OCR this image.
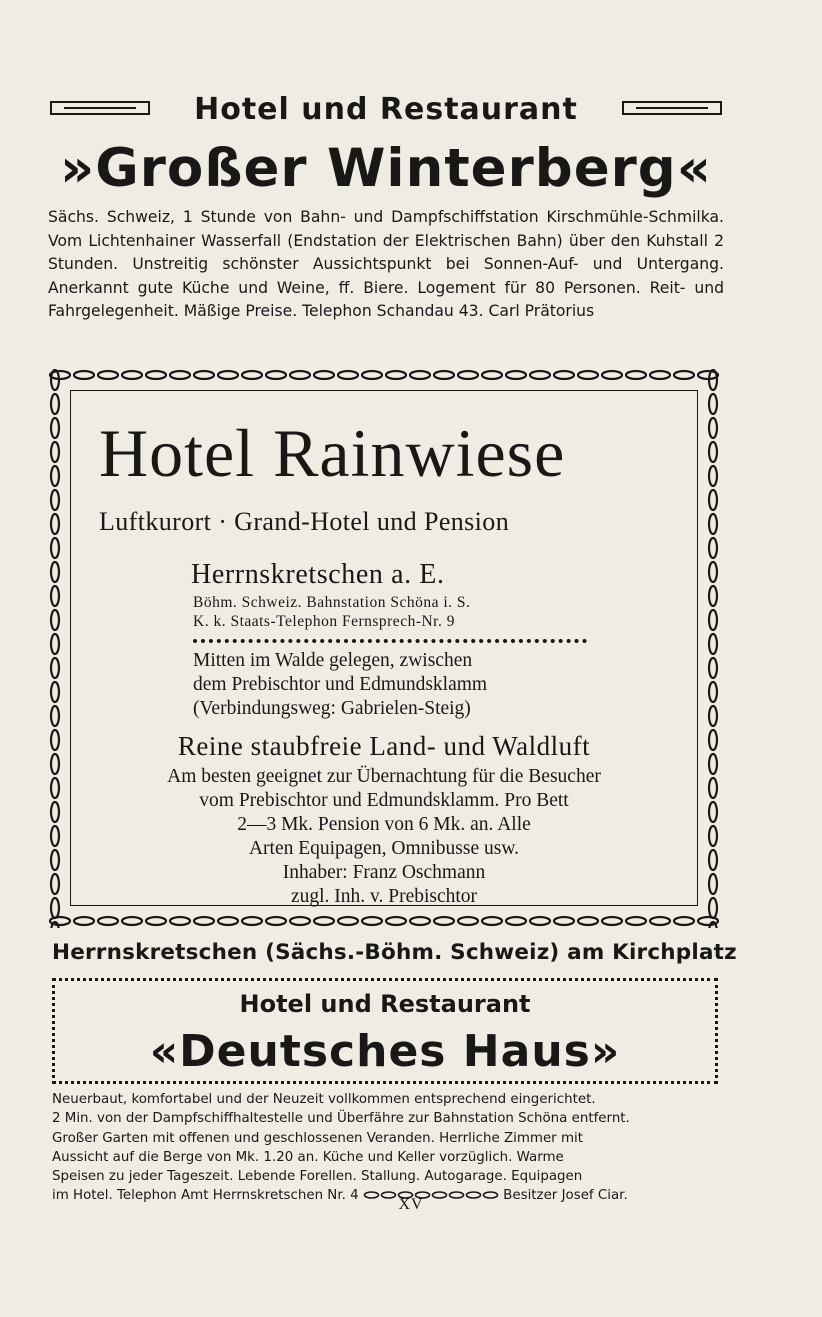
Hotel und Restaurant
»Großer Winterberg«
Sächs. Schweiz, 1 Stunde von Bahn- und Dampfschiffstation Kirschmühle-Schmilka. Vom Lichtenhainer Wasserfall (Endstation der Elektrischen Bahn) über den Kuhstall 2 Stunden. Unstreitig schönster Aussichtspunkt bei Sonnen-Auf- und Untergang. Anerkannt gute Küche und Weine, ff. Biere. Logement für 80 Personen. Reit- und Fahrgelegenheit. Mäßige Preise. Telephon Schandau 43. Carl Prätorius
Hotel Rainwiese
Luftkurort · Grand-Hotel und Pension
Herrnskretschen a. E.
Böhm. Schweiz. Bahnstation Schöna i. S.
K. k. Staats-Telephon Fernsprech-Nr. 9
Mitten im Walde gelegen, zwischen
dem Prebischtor und Edmundsklamm
(Verbindungsweg: Gabrielen-Steig)
Reine staubfreie Land- und Waldluft
Am besten geeignet zur Übernachtung für die Besucher
vom Prebischtor und Edmundsklamm. Pro Bett
2—3 Mk. Pension von 6 Mk. an. Alle
Arten Equipagen, Omnibusse usw.
Inhaber: Franz Oschmann
zugl. Inh. v. Prebischtor
Herrnskretschen (Sächs.-Böhm. Schweiz) am Kirchplatz
Hotel und Restaurant
«Deutsches Haus»
Neuerbaut, komfortabel und der Neuzeit vollkommen entsprechend eingerichtet.
2 Min. von der Dampfschiffhaltestelle und Überfähre zur Bahnstation Schöna entfernt.
Großer Garten mit offenen und geschlossenen Veranden. Herrliche Zimmer mit
Aussicht auf die Berge von Mk. 1.20 an. Küche und Keller vorzüglich. Warme
Speisen zu jeder Tageszeit. Lebende Forellen. Stallung. Autogarage. Equipagen
im Hotel. Telephon Amt Herrnskretschen Nr. 4	Besitzer Josef Ciar.
XV
